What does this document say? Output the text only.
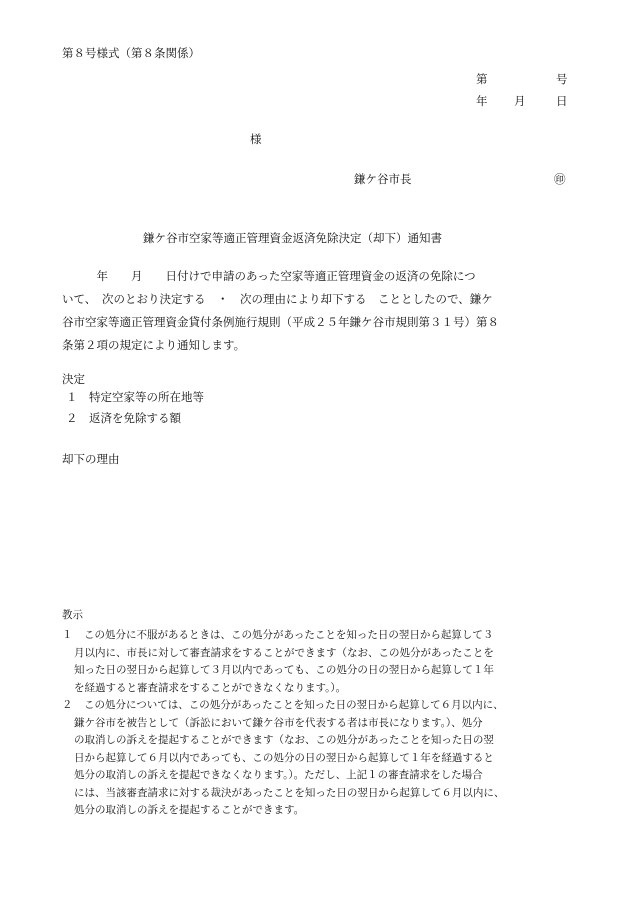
第８号様式（第８条関係）
第	号
年 月	日
様
鎌ケ谷市長	㊞
鎌ケ谷市空家等適正管理資金返済免除決定（却下）通知書
　　　年　　月　　日付けで申請のあった空家等適正管理資金の返済の免除につ
いて、　次のとおり決定する　・　次の理由により却下する　こととしたので、鎌ケ
谷市空家等適正管理資金貸付条例施行規則（平成２５年鎌ケ谷市規則第３１号）第８
条第２項の規定により通知します。
決定
１　特定空家等の所在地等
２　返済を免除する額
却下の理由
教示
１ この処分に不服があるときは、この処分があったことを知った日の翌日から起算して３
月以内に、市長に対して審査請求をすることができます（なお、この処分があったことを
知った日の翌日から起算して３月以内であっても、この処分の日の翌日から起算して１年
を経過すると審査請求をすることができなくなります。）。
２ この処分については、この処分があったことを知った日の翌日から起算して６月以内に、
鎌ケ谷市を被告として（訴訟において鎌ケ谷市を代表する者は市長になります。）、処分
の取消しの訴えを提起することができます（なお、この処分があったことを知った日の翌
日から起算して６月以内であっても、この処分の日の翌日から起算して１年を経過すると
処分の取消しの訴えを提起できなくなります。）。ただし、上記１の審査請求をした場合
には、当該審査請求に対する裁決があったことを知った日の翌日から起算して６月以内に、
処分の取消しの訴えを提起することができます。
